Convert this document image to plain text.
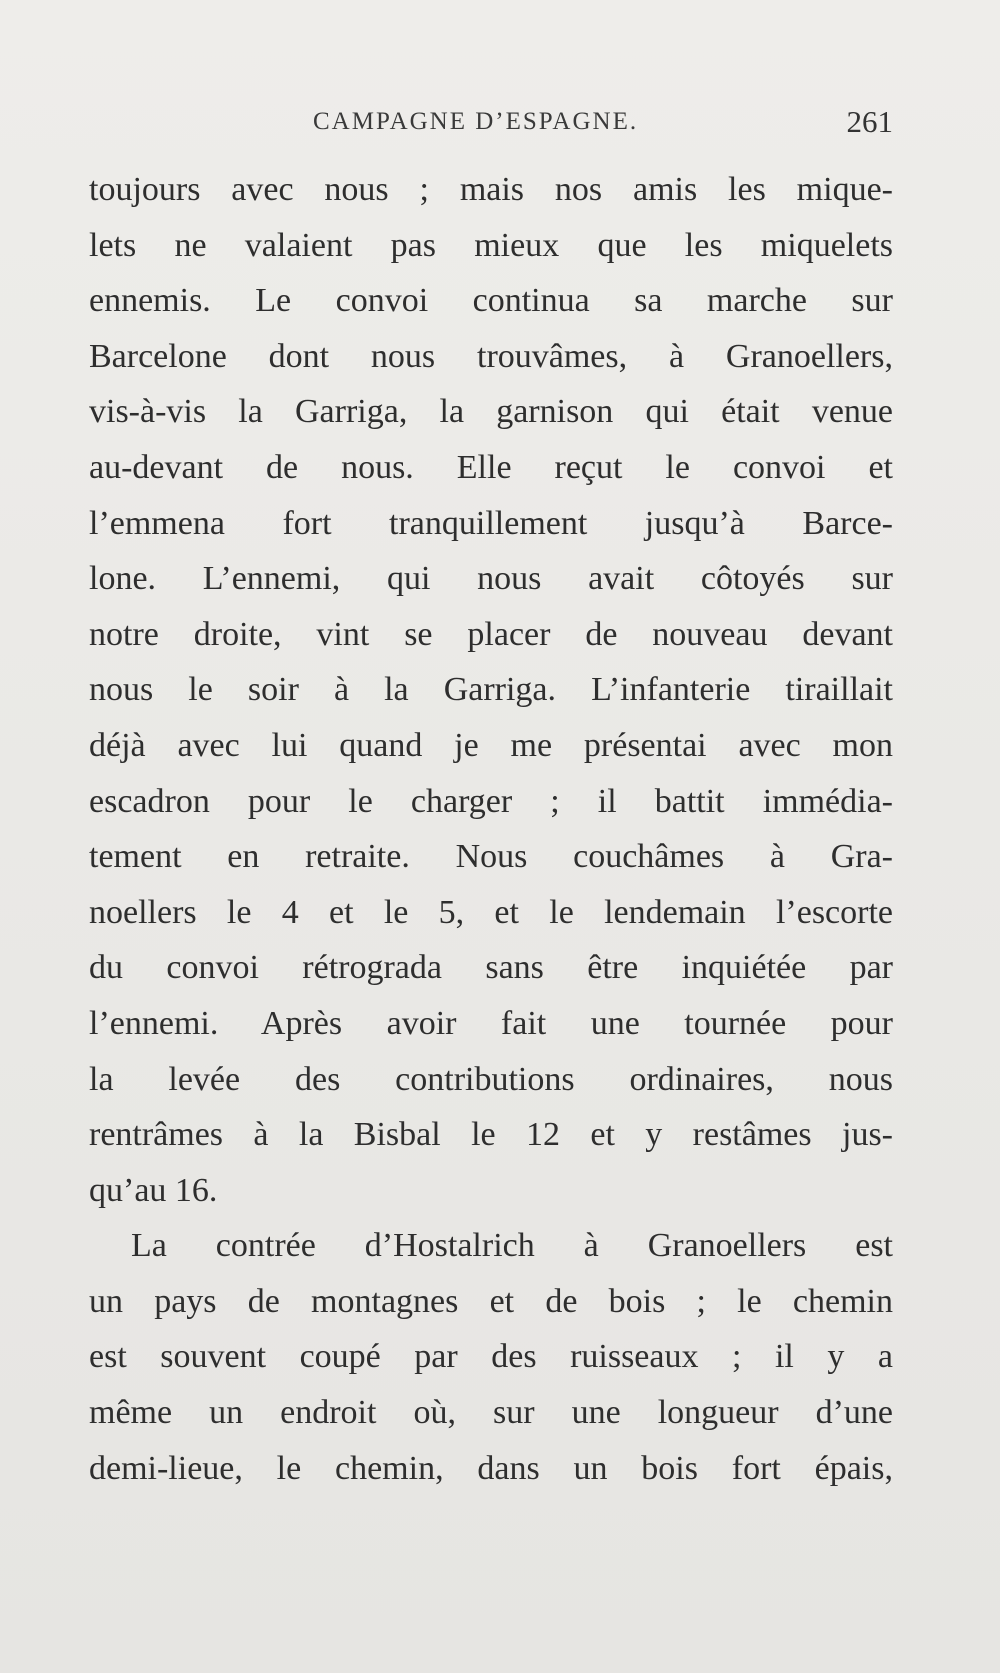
CAMPAGNE D’ESPAGNE.	261
toujours avec nous ; mais nos amis les mique-
lets ne valaient pas mieux que les miquelets
ennemis. Le convoi continua sa marche sur
Barcelone dont nous trouvâmes, à Granoellers,
vis-à-vis la Garriga, la garnison qui était venue
au-devant de nous. Elle reçut le convoi et
l’emmena fort tranquillement jusqu’à Barce-
lone. L’ennemi, qui nous avait côtoyés sur
notre droite, vint se placer de nouveau devant
nous le soir à la Garriga. L’infanterie tiraillait
déjà avec lui quand je me présentai avec mon
escadron pour le charger ; il battit immédia-
tement en retraite. Nous couchâmes à Gra-
noellers le 4 et le 5, et le lendemain l’escorte
du convoi rétrograda sans être inquiétée par
l’ennemi. Après avoir fait une tournée pour
la levée des contributions ordinaires, nous
rentrâmes à la Bisbal le 12 et y restâmes jus-
qu’au 16.
La contrée d’Hostalrich à Granoellers est
un pays de montagnes et de bois ; le chemin
est souvent coupé par des ruisseaux ; il y a
même un endroit où, sur une longueur d’une
demi-lieue, le chemin, dans un bois fort épais,
